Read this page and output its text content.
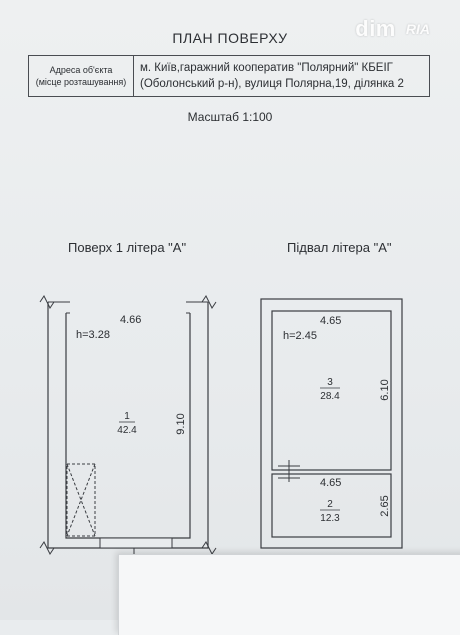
ПЛАН ПОВЕРХУ	dim RIA
Адреса об'єкта
(місце розташування)

м. Київ,гаражний кооператив "Полярний" КБЕІГ
(Оболонський р-н), вулиця Полярна,19, ділянка 2
Масштаб 1:100
Поверх 1 літера "А"	Підвал літера "А"
4.66
h=3.28
9.10
1
42.4
4.65
h=2.45
3
28.4	6.10
4.65
2
12.3
2.65
